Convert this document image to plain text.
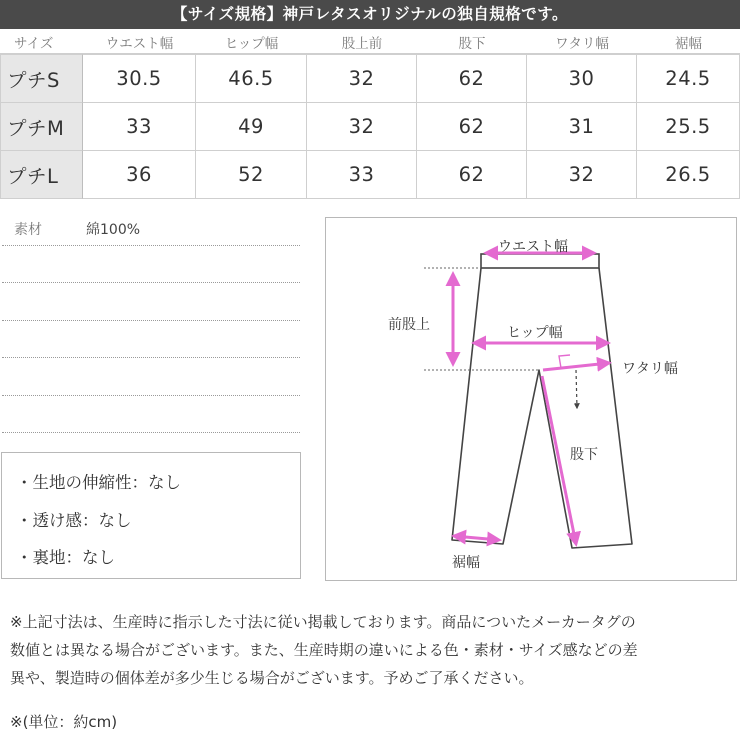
【サイズ規格】神戸レタスオリジナルの独自規格です。
サイズ	ウエスト幅	ヒップ幅	股上前	股下	ワタリ幅	裾幅
プチS	30.5	46.5	32	62	30	24.5
プチM	33	49	32	62	31	25.5
プチL	36	52	33	62	32	26.5
素材	綿100%
・生地の伸縮性：なし
・透け感：なし
・裏地：なし
ウエスト幅
前股上	ヒップ幅
ワタリ幅
股下
裾幅
※上記寸法は、生産時に指示した寸法に従い掲載しております。商品についたメーカータグの
数値とは異なる場合がございます。また、生産時期の違いによる色・素材・サイズ感などの差
異や、製造時の個体差が多少生じる場合がございます。予めご了承ください。
※(単位：約cm)
